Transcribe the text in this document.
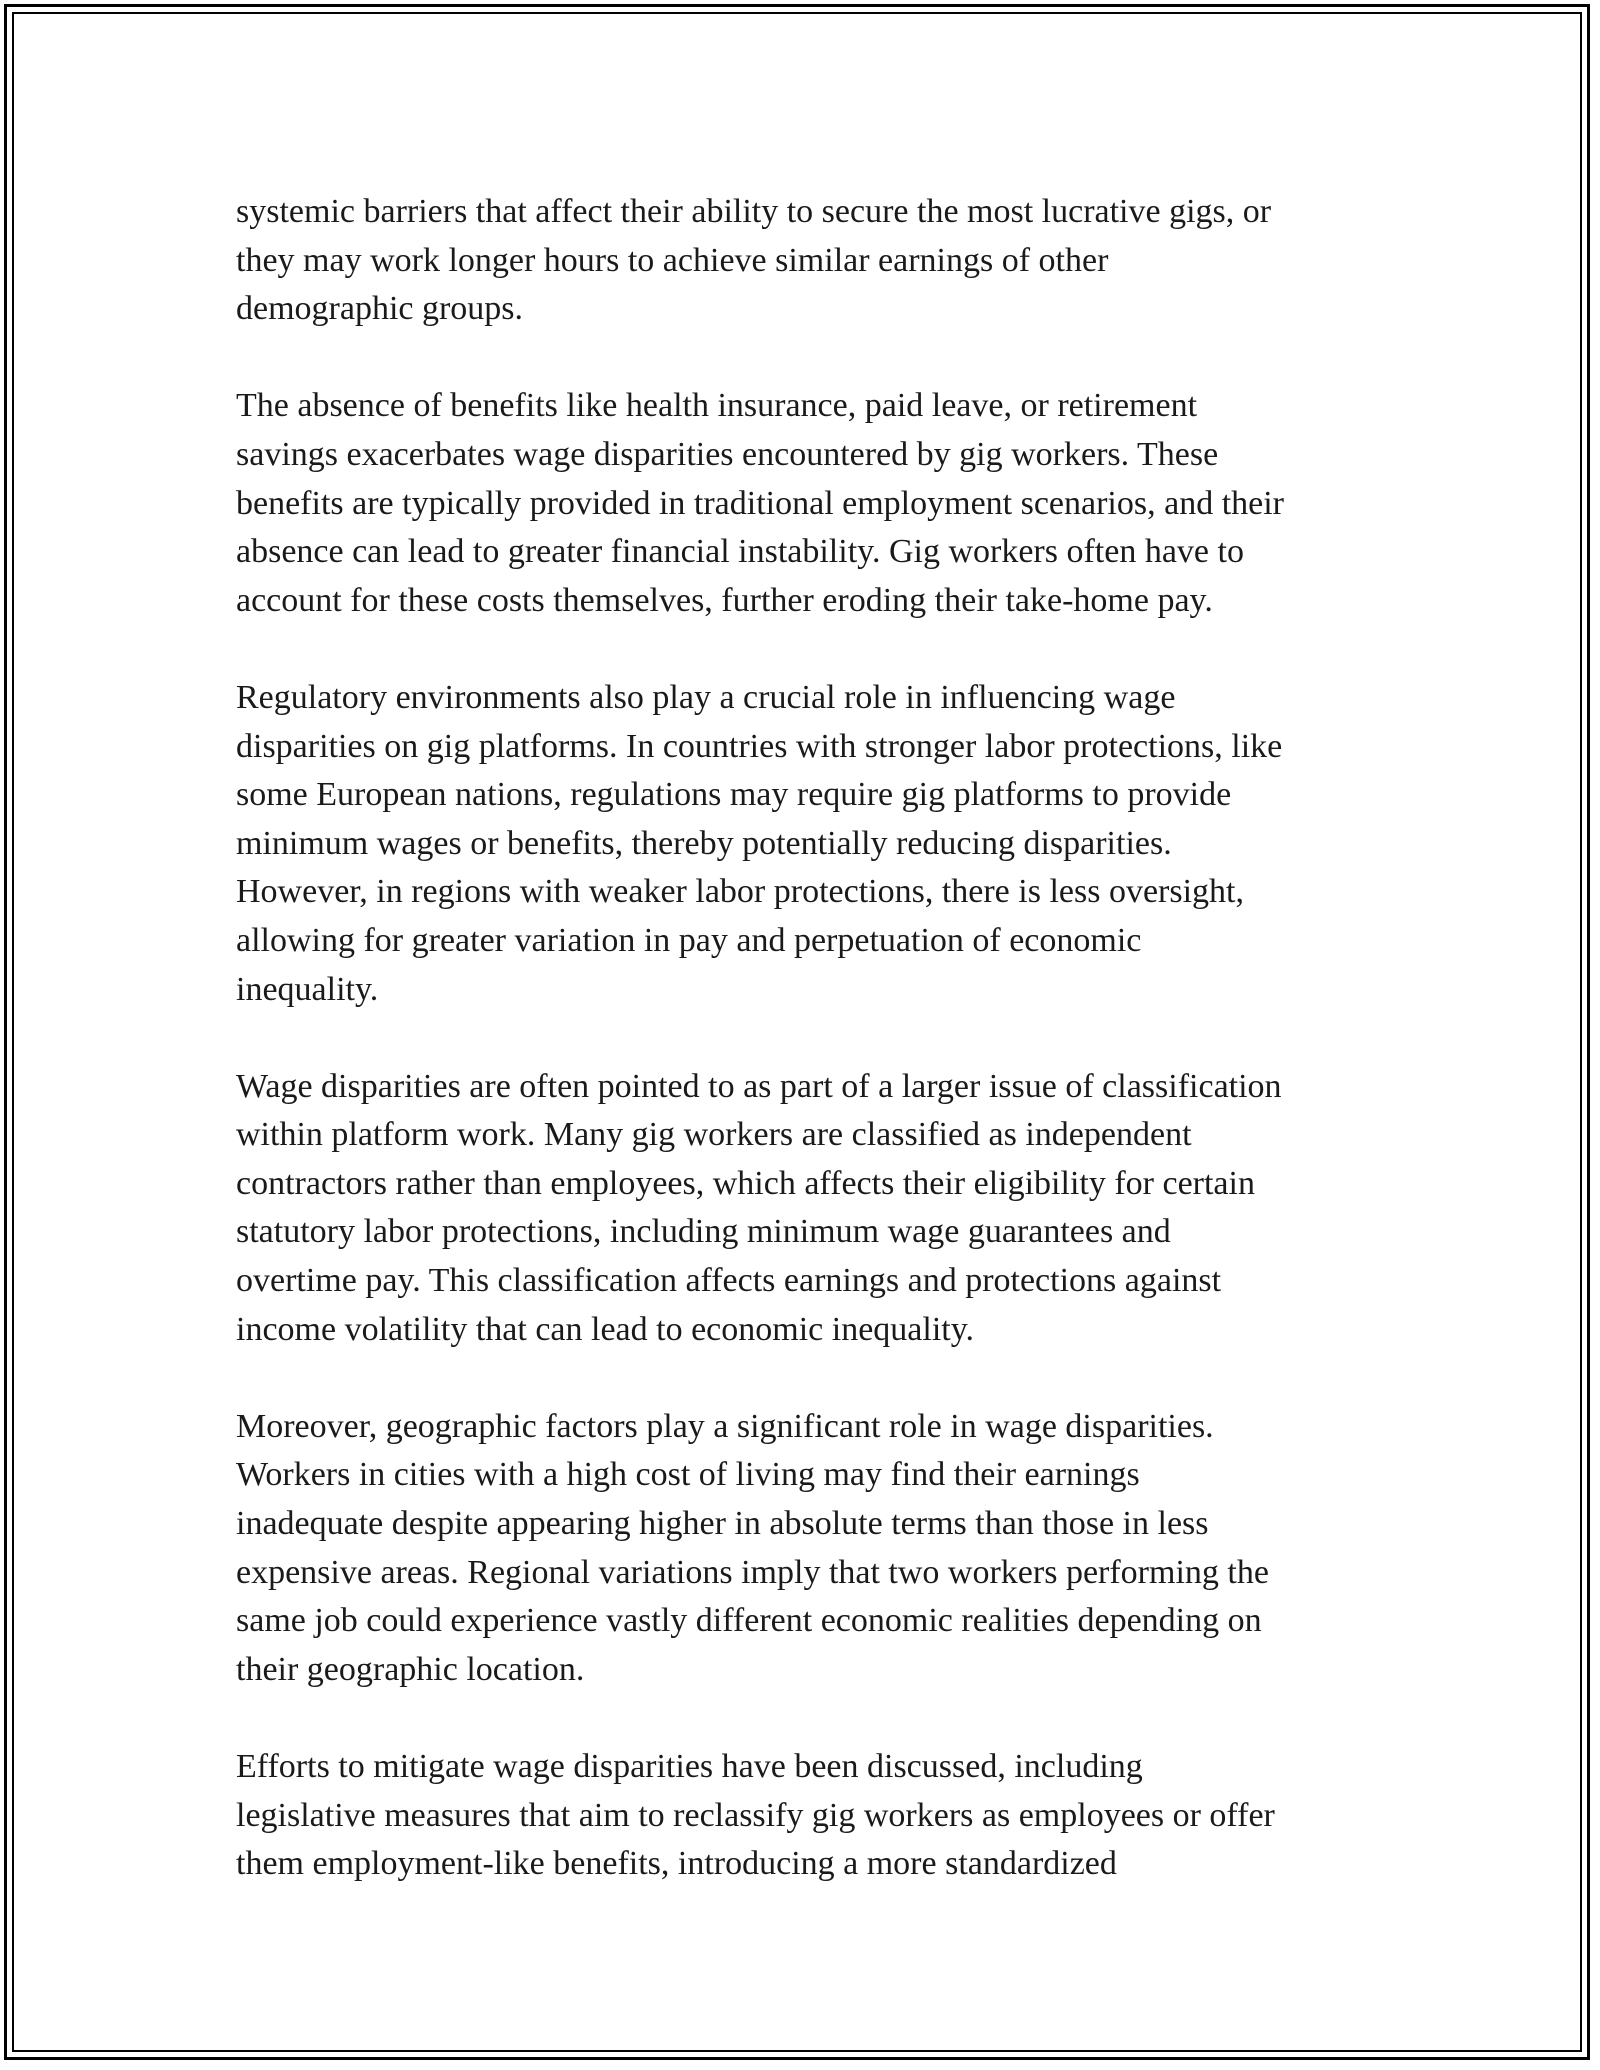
systemic barriers that affect their ability to secure the most lucrative gigs, or
they may work longer hours to achieve similar earnings of other
demographic groups.

The absence of benefits like health insurance, paid leave, or retirement
savings exacerbates wage disparities encountered by gig workers. These
benefits are typically provided in traditional employment scenarios, and their
absence can lead to greater financial instability. Gig workers often have to
account for these costs themselves, further eroding their take-home pay.

Regulatory environments also play a crucial role in influencing wage
disparities on gig platforms. In countries with stronger labor protections, like
some European nations, regulations may require gig platforms to provide
minimum wages or benefits, thereby potentially reducing disparities.
However, in regions with weaker labor protections, there is less oversight,
allowing for greater variation in pay and perpetuation of economic
inequality.

Wage disparities are often pointed to as part of a larger issue of classification
within platform work. Many gig workers are classified as independent
contractors rather than employees, which affects their eligibility for certain
statutory labor protections, including minimum wage guarantees and
overtime pay. This classification affects earnings and protections against
income volatility that can lead to economic inequality.

Moreover, geographic factors play a significant role in wage disparities.
Workers in cities with a high cost of living may find their earnings
inadequate despite appearing higher in absolute terms than those in less
expensive areas. Regional variations imply that two workers performing the
same job could experience vastly different economic realities depending on
their geographic location.

Efforts to mitigate wage disparities have been discussed, including
legislative measures that aim to reclassify gig workers as employees or offer
them employment-like benefits, introducing a more standardized
